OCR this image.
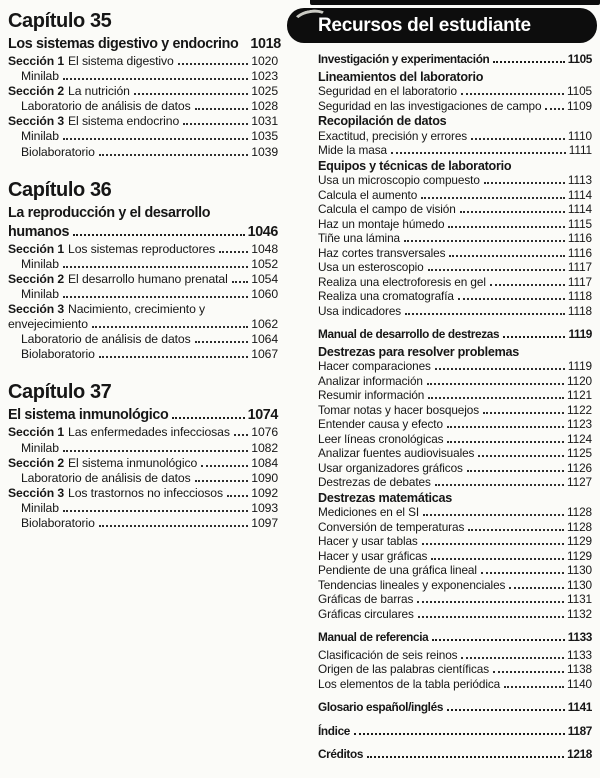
Capítulo 35
Los sistemas digestivo y endocrino 1018
Sección 1 El sistema digestivo	1020
Minilab	1023
Sección 2 La nutrición	1025
Laboratorio de análisis de datos	1028
Sección 3 El sistema endocrino	1031
Minilab	1035
Biolaboratorio	1039
Capítulo 36
La reproducción y el desarrollo
humanos	1046
Sección 1 Los sistemas reproductores	1048
Minilab	1052
Sección 2 El desarrollo humano prenatal 1054
Minilab	1060
Sección 3 Nacimiento, crecimiento y
envejecimiento	1062
Laboratorio de análisis de datos	1064
Biolaboratorio	1067
Capítulo 37
El sistema inmunológico	1074
Sección 1 Las enfermedades infecciosas 1076
Minilab	1082
Sección 2 El sistema inmunológico	1084
Laboratorio de análisis de datos	1090
Sección 3 Los trastornos no infecciosos 1092
Minilab	1093
Biolaboratorio	1097
Recursos del estudiante
Investigación y experimentación	1105
Lineamientos del laboratorio
Seguridad en el laboratorio	1105
Seguridad en las investigaciones de campo 1109
Recopilación de datos
Exactitud, precisión y errores	1110
Mide la masa	1111
Equipos y técnicas de laboratorio
Usa un microscopio compuesto	1113
Calcula el aumento	1114
Calcula el campo de visión	1114
Haz un montaje húmedo	1115
Tiñe una lámina	1116
Haz cortes transversales	1116
Usa un esteroscopio	1117
Realiza una electroforesis en gel	1117
Realiza una cromatografía	1118
Usa indicadores	1118
Manual de desarrollo de destrezas	1119
Destrezas para resolver problemas
Hacer comparaciones	1119
Analizar información	1120
Resumir información	1121
Tomar notas y hacer bosquejos	1122
Entender causa y efecto	1123
Leer líneas cronológicas	1124
Analizar fuentes audiovisuales	1125
Usar organizadores gráficos	1126
Destrezas de debates	1127
Destrezas matemáticas
Mediciones en el SI	1128
Conversión de temperaturas	1128
Hacer y usar tablas	1129
Hacer y usar gráficas	1129
Pendiente de una gráfica lineal	1130
Tendencias lineales y exponenciales	1130
Gráficas de barras	1131
Gráficas circulares	1132
Manual de referencia	1133
Clasificación de seis reinos	1133
Origen de las palabras científicas	1138
Los elementos de la tabla periódica	1140
Glosario español/inglés	1141
Índice	1187
Créditos	1218
